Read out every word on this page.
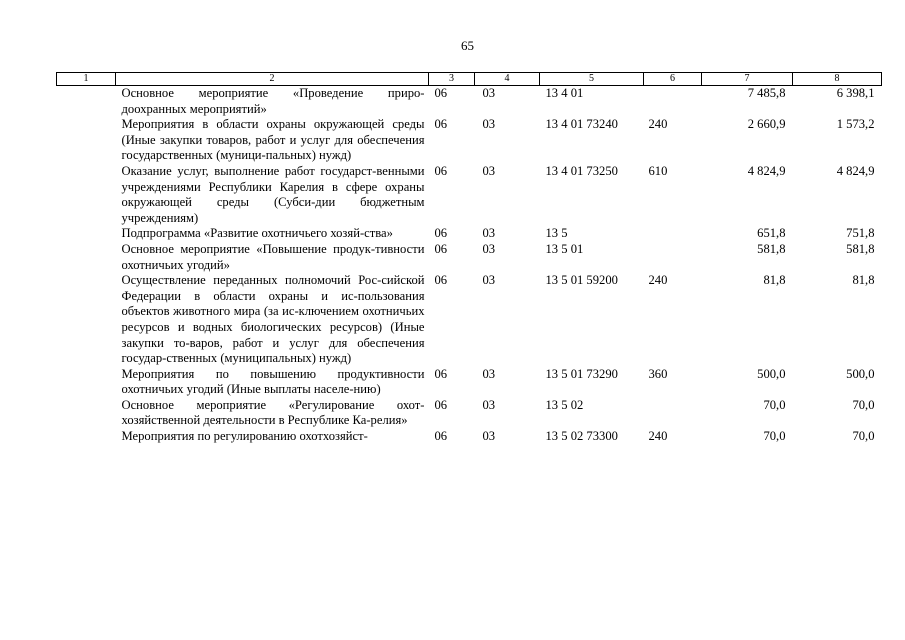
65
1	2	3	4	5	6	7	8
	Основное мероприятие «Проведение приро-доохранных мероприятий»	06	03	13 4 01		7 485,8	6 398,1
	Мероприятия в области охраны окружающей среды (Иные закупки товаров, работ и услуг для обеспечения государственных (муници-пальных) нужд)	06	03	13 4 01 73240	240	2 660,9	1 573,2
	Оказание услуг, выполнение работ государст-венными учреждениями Республики Карелия в сфере охраны окружающей среды (Субси-дии бюджетным учреждениям)	06	03	13 4 01 73250	610	4 824,9	4 824,9
	Подпрограмма «Развитие охотничьего хозяй-ства»	06	03	13 5		651,8	751,8
	Основное мероприятие «Повышение продук-тивности охотничьих угодий»	06	03	13 5 01		581,8	581,8
	Осуществление переданных полномочий Рос-сийской Федерации в области охраны и ис-пользования объектов животного мира (за ис-ключением охотничьих ресурсов и водных биологических ресурсов) (Иные закупки то-варов, работ и услуг для обеспечения государ-ственных (муниципальных) нужд)	06	03	13 5 01 59200	240	81,8	81,8
	Мероприятия по повышению продуктивности охотничьих угодий (Иные выплаты населе-нию)	06	03	13 5 01 73290	360	500,0	500,0
	Основное мероприятие «Регулирование охот-хозяйственной деятельности в Республике Ка-релия»	06	03	13 5 02		70,0	70,0
	Мероприятия по регулированию охотхозяйст-	06	03	13 5 02 73300	240	70,0	70,0
